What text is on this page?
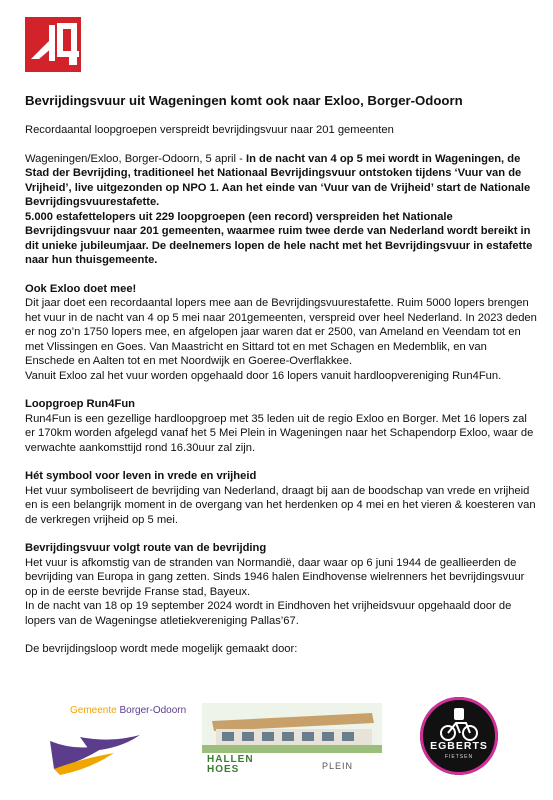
Bevrijdingsvuur uit Wageningen komt ook naar Exloo, Borger-Odoorn

Recordaantal loopgroepen verspreidt bevrijdingsvuur naar 201 gemeenten

Wageningen/Exloo, Borger-Odoorn, 5 april - In de nacht van 4 op 5 mei wordt in Wageningen, de Stad der Bevrijding, traditioneel het Nationaal Bevrijdingsvuur ontstoken tijdens ‘Vuur van de Vrijheid’, live uitgezonden op NPO 1. Aan het einde van ‘Vuur van de Vrijheid’ start de Nationale Bevrijdingsvuurestafette.
5.000 estafettelopers uit 229 loopgroepen (een record) verspreiden het Nationale Bevrijdingsvuur naar 201 gemeenten, waarmee ruim twee derde van Nederland wordt bereikt in dit unieke jubileumjaar. De deelnemers lopen de hele nacht met het Bevrijdingsvuur in estafette naar hun thuisgemeente.
Ook Exloo doet mee!

Dit jaar doet een recordaantal lopers mee aan de Bevrijdingsvuurestafette. Ruim 5000 lopers brengen het vuur in de nacht van 4 op 5 mei naar 201gemeenten, verspreid over heel Nederland. In 2023 deden er nog zo’n 1750 lopers mee, en afgelopen jaar waren dat er 2500, van Ameland en Veendam tot en met Vlissingen en Goes. Van Maastricht en Sittard tot en met Schagen en Medemblik, en van Enschede en Aalten tot en met Noordwijk en Goeree-Overflakkee.

Vanuit Exloo zal het vuur worden opgehaald door 16 lopers vanuit hardloopvereniging Run4Fun.

Loopgroep Run4Fun

Run4Fun is een gezellige hardloopgroep met 35 leden uit de regio Exloo en Borger. Met 16 lopers zal er 170km worden afgelegd vanaf het 5 Mei Plein in Wageningen naar het Schapendorp Exloo, waar de verwachte aankomsttijd rond 16.30uur zal zijn.

Hét symbool voor leven in vrede en vrijheid

Het vuur symboliseert de bevrijding van Nederland, draagt bij aan de boodschap van vrede en vrijheid en is een belangrijk moment in de overgang van het herdenken op 4 mei en het vieren & koesteren van de verkregen vrijheid op 5 mei.

Bevrijdingsvuur volgt route van de bevrijding

Het vuur is afkomstig van de stranden van Normandië, daar waar op 6 juni 1944 de geallieerden de bevrijding van Europa in gang zetten. Sinds 1946 halen Eindhovense wielrenners het bevrijdingsvuur op in de eerste bevrijde Franse stad, Bayeux.

In de nacht van 18 op 19 september 2024 wordt in Eindhoven het vrijheidsvuur opgehaald door de lopers van de Wageningse atletiekvereniging Pallas’67.

De bevrijdingsloop wordt mede mogelijk gemaakt door:

Gemeente Borger-Odoorn
HALLEN
HOES	PLEIN
EGBERTS
FIETSEN
